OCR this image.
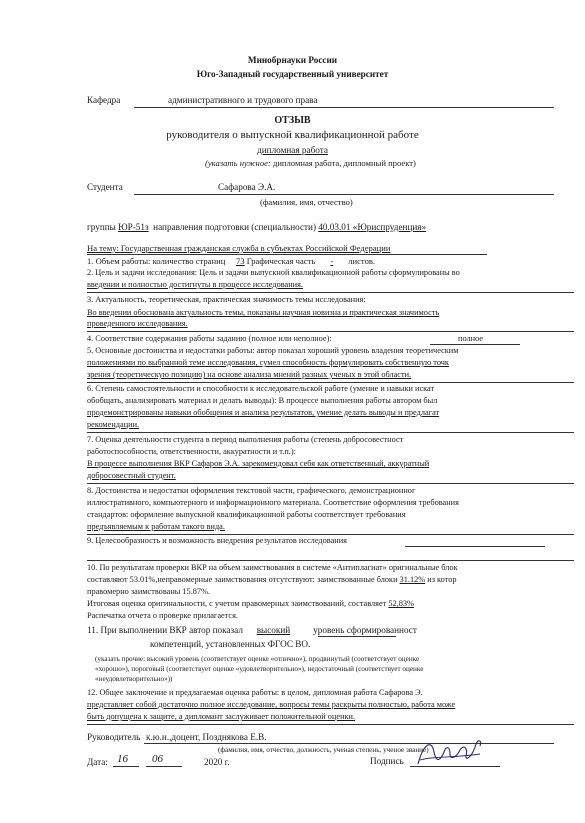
Минобрнауки России
Юго-Западный государственный университет
Кафедра	административного и трудового права
ОТЗЫВ
руководителя о выпускной квалификационной работе
дипломная работа
(указать нужное: дипломная работа, дипломный проект)
Студента	Сафарова Э.А.
(фамилия, имя, отчество)
группы ЮР-51з направления подготовки (специальности) 40.03.01 «Юриспруденция»
На тему: Государственная гражданская служба в субъектах Российской Федерации
1. Объем работы: количество страниц 73 Графическая часть - листов.
2. Цель и задачи исследования: Цель и задачи выпускной квалификационной работы сформулированы во
введении и полностью достигнуты в процессе исследования.
3. Актуальность, теоретическая, практическая значимость темы исследования:
Во введении обоснована актуальность темы, показаны научная новизна и практическая значимость
проведенного исследования.
4. Соответствие содержания работы заданию (полное или неполное):	полное
5. Основные достоинства и недостатки работы: автор показал хороший уровень владения теоретическим
положениями по выбранной теме исследования, сумел способность формулировать собственную точк
зрения (теоретическую позицию) на основе анализа мнений разных ученых в этой области.
6. Степень самостоятельности и способности к исследовательской работе (умение и навыки искат
обобщать, анализировать материал и делать выводы): В процессе выполнения работы автором был
продемонстрированы навыки обобщения и анализа результатов, умение делать выводы и предлагат
рекомендации.
7. Оценка деятельности студента в период выполнения работы (степень добросовестност
работоспособности, ответственности, аккуратности и т.п.):
В процессе выполнения ВКР Сафаров Э.А. зарекомендовал себя как ответственный, аккуратный
добросовестный студент.
8. Достоинства и недостатки оформления текстовой части, графического, демонстрационног
иллюстративного, компьютерного и информационного материала. Соответствие оформления требования
стандартов: оформление выпускной квалификационной работы соответствует требования
предъявляемым к работам такого вида.
9. Целесообразность и возможность внедрения результатов исследования
10. По результатам проверки ВКР на объем заимствования в системе «Антиплагиат» оригинальные блок
составляют 53.01%,неправомерные заимствования отсутствуют: заимствованные блоки 31.12% из котор
правомерно заимствованы 15.87%.
Итоговая оценка оригинальности, с учетом правомерных заимствований, составляет 52,83%
Распечатка отчета о проверке прилагается.
11. При выполнении ВКР автор показал высокий уровень сформированност
компетенций, установленных ФГОС ВО.
(указать прочие: высокий уровень (соответствует оценке «отлично»), продвинутый (соответствует оценке
«хорошо»), пороговый (соответствует оценке «удовлетворительно»), недостаточный (соответствует оценке
«неудовлетворительно»))
12. Общее заключение и предлагаемая оценка работы: в целом, дипломная работа Сафарова Э.
представляет собой достаточно полное исследование, вопросы темы раскрыты полностью, работа може
быть допущена к защите, а дипломант заслуживает положительной оценки.
Руководитель к.ю.н.,доцент, Позднякова Е.В.
(фамилия, имя, отчество, должность, ученая степень, ученое звание)
Дата: 16 06	2020 г.	Подпись
